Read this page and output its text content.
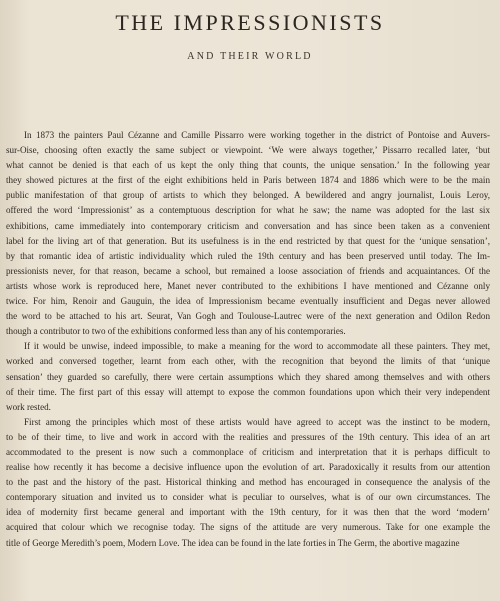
THE IMPRESSIONISTS
AND THEIR WORLD
In 1873 the painters Paul Cézanne and Camille Pissarro were working together in the district of Pontoise and Auvers-
sur-Oise, choosing often exactly the same subject or viewpoint. ‘We were always together,’ Pissarro recalled later, ‘but
what cannot be denied is that each of us kept the only thing that counts, the unique sensation.’ In the following year
they showed pictures at the first of the eight exhibitions held in Paris between 1874 and 1886 which were to be the main
public manifestation of that group of artists to which they belonged. A bewildered and angry journalist, Louis Leroy,
offered the word ‘Impressionist’ as a contemptuous description for what he saw; the name was adopted for the last six
exhibitions, came immediately into contemporary criticism and conversation and has since been taken as a convenient
label for the living art of that generation. But its usefulness is in the end restricted by that quest for the ‘unique sensation’,
by that romantic idea of artistic individuality which ruled the 19th century and has been preserved until today. The Im-
pressionists never, for that reason, became a school, but remained a loose association of friends and acquaintances. Of the
artists whose work is reproduced here, Manet never contributed to the exhibitions I have mentioned and Cézanne only
twice. For him, Renoir and Gauguin, the idea of Impressionism became eventually insufficient and Degas never allowed
the word to be attached to his art. Seurat, Van Gogh and Toulouse-Lautrec were of the next generation and Odilon Redon
though a contributor to two of the exhibitions conformed less than any of his contemporaries.
If it would be unwise, indeed impossible, to make a meaning for the word to accommodate all these painters. They met,
worked and conversed together, learnt from each other, with the recognition that beyond the limits of that ‘unique
sensation’ they guarded so carefully, there were certain assumptions which they shared among themselves and with others
of their time. The first part of this essay will attempt to expose the common foundations upon which their very independent
work rested.
First among the principles which most of these artists would have agreed to accept was the instinct to be modern,
to be of their time, to live and work in accord with the realities and pressures of the 19th century. This idea of an art
accommodated to the present is now such a commonplace of criticism and interpretation that it is perhaps difficult to
realise how recently it has become a decisive influence upon the evolution of art. Paradoxically it results from our attention
to the past and the history of the past. Historical thinking and method has encouraged in consequence the analysis of the
contemporary situation and invited us to consider what is peculiar to ourselves, what is of our own circumstances. The
idea of modernity first became general and important with the 19th century, for it was then that the word ‘modern’
acquired that colour which we recognise today. The signs of the attitude are very numerous. Take for one example the
title of George Meredith’s poem, Modern Love. The idea can be found in the late forties in The Germ, the abortive magazine
